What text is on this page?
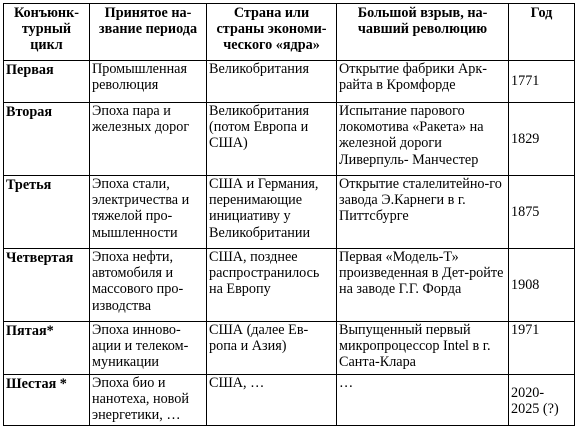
Конъюнк-турный цикл	Принятое на-звание периода	Страна или страны экономи-ческого «ядра»	Большой взрыв, на-чавший революцию	Год
Первая	Промышленная революция	Великобритания	Открытие фабрики Арк-райта в Кромфорде	1771
Вторая	Эпоха пара и железных дорог	Великобритания (потом Европа и США)	Испытание парового локомотива «Ракета» на железной дороги Ливерпуль- Манчестер	1829
Третья	Эпоха стали, электричества и тяжелой про-мышленности	США и Германия, перенимающие инициативу у Великобритании	Открытие сталелитейно-го завода Э.Карнеги в г. Питтсбурге	1875
Четвертая	Эпоха нефти, автомобиля и массового про-изводства	США, позднее распространилось на Европу	Первая «Модель-Т» произведенная в Дет-ройте на заводе Г.Г. Форда	1908
Пятая*	Эпоха инново-ации и телеком-муникации	США (далее Ев-ропа и Азия)	Выпущенный первый микропроцессор Intel в г. Санта-Клара	1971
Шестая *	Эпоха био и нанотеха, новой энергетики, …	США, …	…	2020-2025 (?)
